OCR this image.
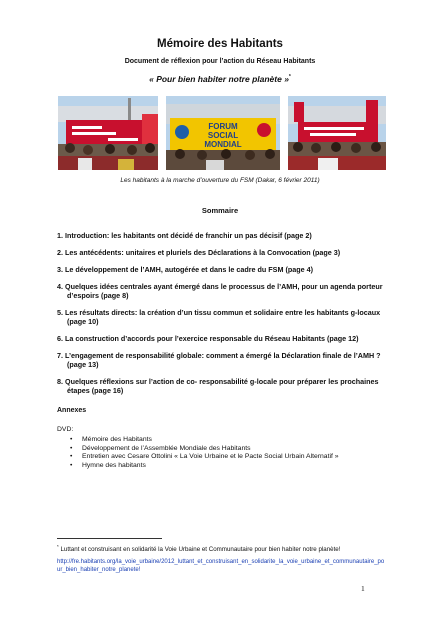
Mémoire des Habitants
Document de réflexion pour l’action du Réseau Habitants
« Pour bien habiter notre planète »*
FORUM
SOCIAL
MONDIAL
Les habitants à la marche d’ouverture du FSM (Dakar, 6 février 2011)
Sommaire
1. Introduction: les habitants ont décidé de franchir un pas décisif (page 2)
2. Les antécédents: unitaires et pluriels des Déclarations à la Convocation (page 3)
3. Le développement de l’AMH, autogérée et dans le cadre du FSM (page 4)
4. Quelques idées centrales ayant émergé dans le processus de l’AMH, pour un agenda porteur d’espoirs (page 8)
5. Les résultats directs: la création d’un tissu commun et solidaire entre les habitants g-locaux (page 10)
6. La construction d’accords pour l’exercice responsable du Réseau Habitants (page 12)
7. L’engagement de responsabilité globale: comment a émergé la Déclaration finale de l’AMH ? (page 13)
8. Quelques réflexions sur l’action de co- responsabilité g-locale pour préparer les prochaines étapes (page 16)
Annexes
DVD:
• Mémoire des Habitants
• Développement de l’Assemblée Mondiale des Habitants
• Entretien avec Cesare Ottolini « La Voie Urbaine et le Pacte Social Urbain Alternatif »
• Hymne des habitants
* Luttant et construisant en solidarité la Voie Urbaine et Communautaire pour bien habiter notre planète!
http://fre.habitants.org/la_voie_urbaine/2012_luttant_et_construisant_en_solidarite_la_voie_urbaine_et_communautaire_pour_bien_habiter_notre_planete!
1
